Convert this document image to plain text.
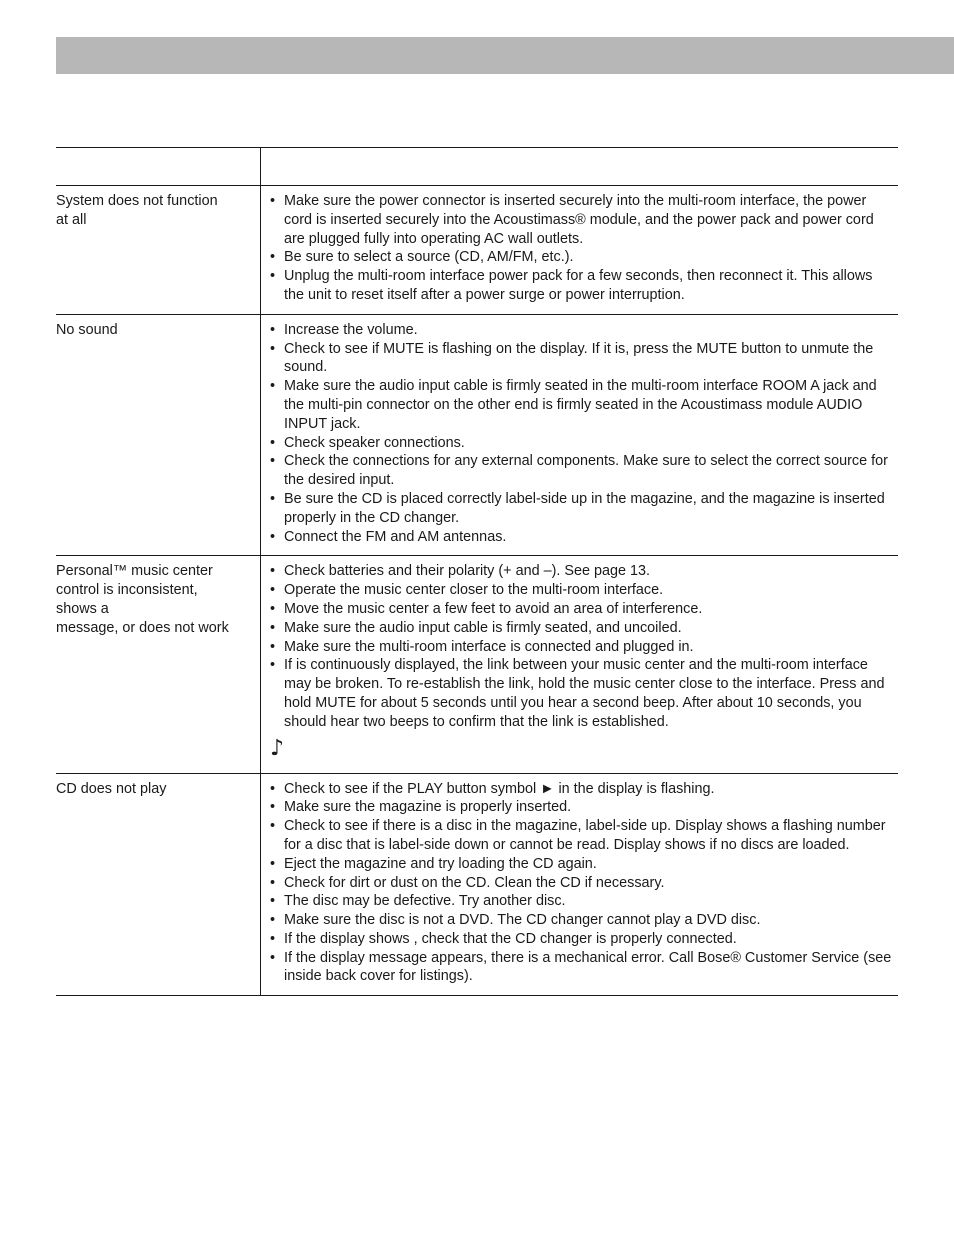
System does not function
at all
• Make sure the power connector is inserted securely into the multi-room interface, the power cord is inserted securely into the Acoustimass® module, and the power pack and power cord are plugged fully into operating AC wall outlets.
• Be sure to select a source (CD, AM/FM, etc.).
• Unplug the multi-room interface power pack for a few seconds, then reconnect it. This allows the unit to reset itself after a power surge or power interruption.
No sound	• Increase the volume.
• Check to see if MUTE is flashing on the display. If it is, press the MUTE button to unmute the sound.
• Make sure the audio input cable is firmly seated in the multi-room interface ROOM A jack and the multi-pin connector on the other end is firmly seated in the Acoustimass module AUDIO INPUT jack.
• Check speaker connections.
• Check the connections for any external components. Make sure to select the correct source for the desired input.
• Be sure the CD is placed correctly label-side up in the magazine, and the magazine is inserted properly in the CD changer.
• Connect the FM and AM antennas.
Personal™ music center
control is inconsistent,
shows a
message, or does not work
• Check batteries and their polarity (+ and –). See page 13.
• Operate the music center closer to the multi-room interface.
• Move the music center a few feet to avoid an area of interference.
• Make sure the audio input cable is firmly seated, and uncoiled.
• Make sure the multi-room interface is connected and plugged in.
• If is continuously displayed, the link between your music center and the multi-room interface may be broken. To re-establish the link, hold the music center close to the interface. Press and hold MUTE for about 5 seconds until you hear a second beep. After about 10 seconds, you should hear two beeps to confirm that the link is established.
♪
CD does not play	• Check to see if the PLAY button symbol ► in the display is flashing.
• Make sure the magazine is properly inserted.
• Check to see if there is a disc in the magazine, label-side up. Display shows a flashing number for a disc that is label-side down or cannot be read. Display shows if no discs are loaded.
• Eject the magazine and try loading the CD again.
• Check for dirt or dust on the CD. Clean the CD if necessary.
• The disc may be defective. Try another disc.
• Make sure the disc is not a DVD. The CD changer cannot play a DVD disc.
• If the display shows , check that the CD changer is properly connected.
• If the display message appears, there is a mechanical error. Call Bose® Customer Service (see inside back cover for listings).
